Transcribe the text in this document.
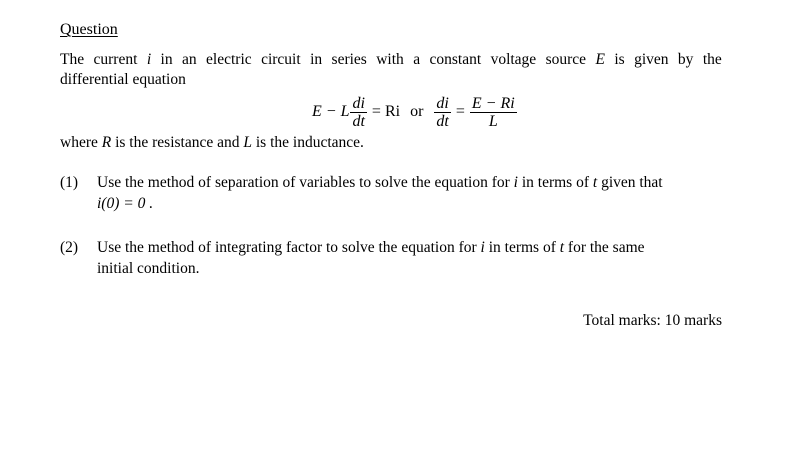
Question
The current i in an electric circuit in series with a constant voltage source E is given by the
differential equation
E − L $\frac{di}{dt} = Ri$ or $\frac{di}{dt} = \frac{E - Ri}{L}$
where R is the resistance and L is the inductance.
(1) Use the method of separation of variables to solve the equation for i in terms of t given that
i(0) = 0 .
(2) Use the method of integrating factor to solve the equation for i in terms of t for the same
initial condition.
Total marks: 10 marks
